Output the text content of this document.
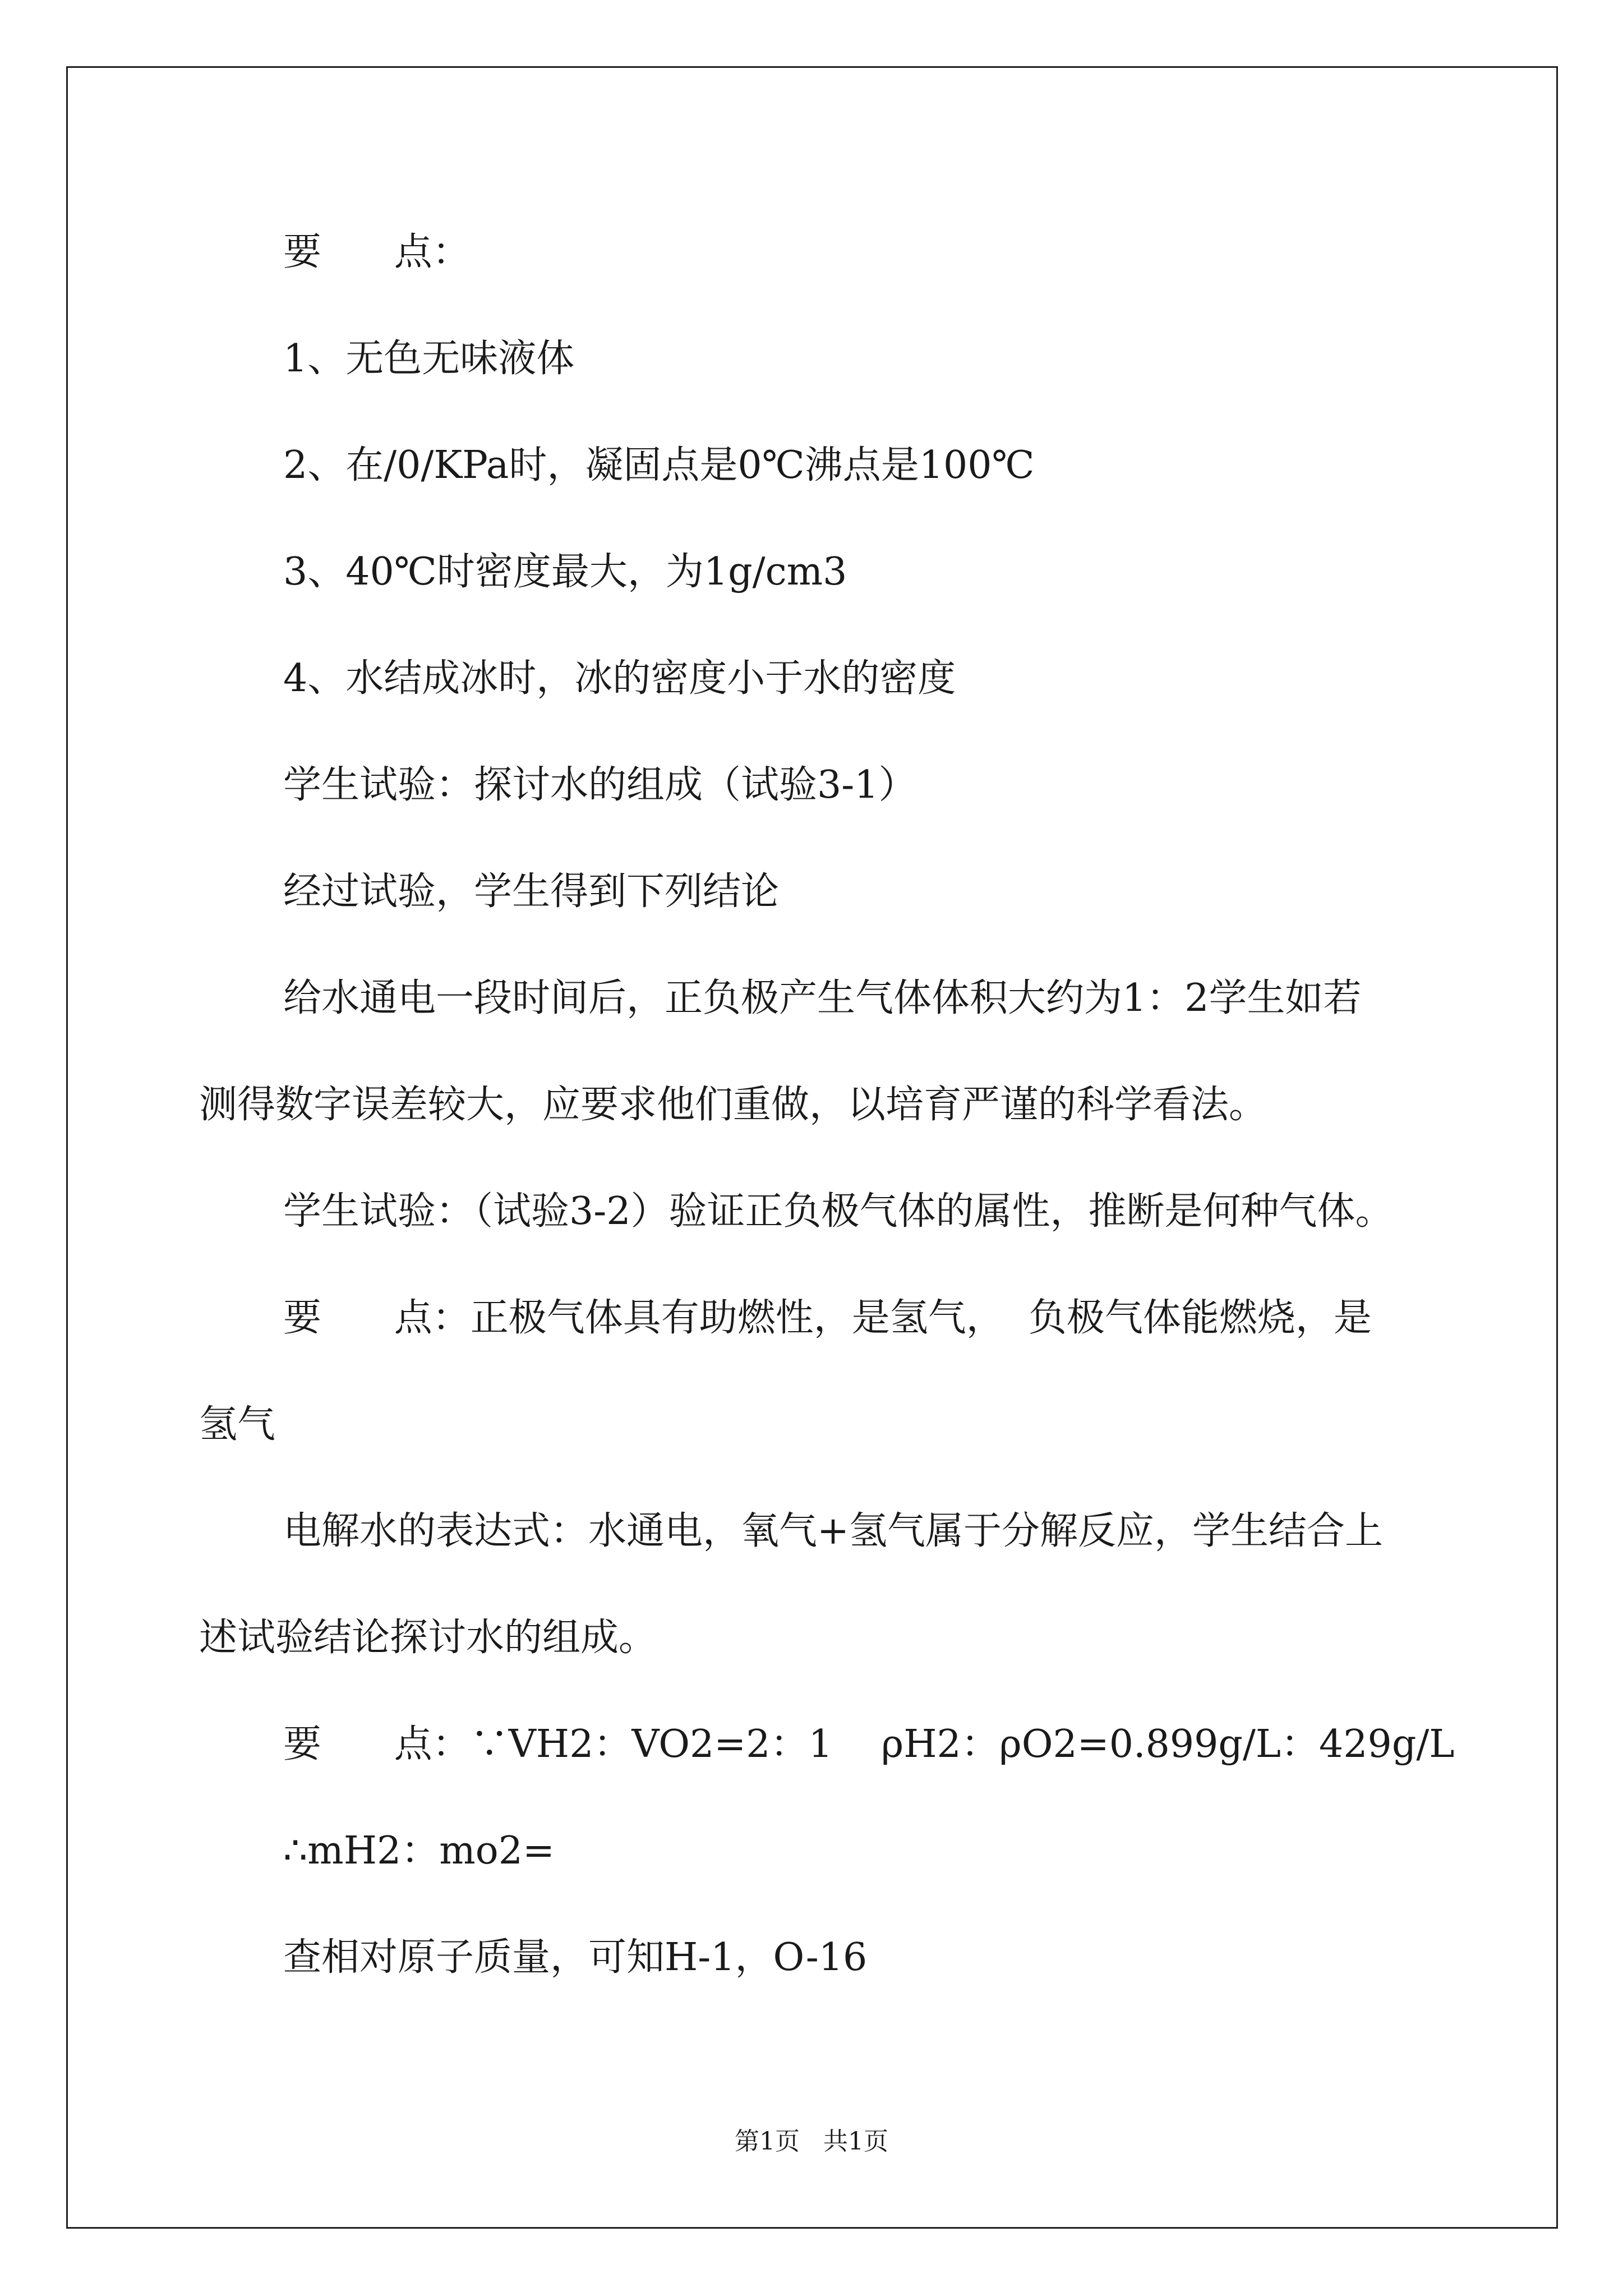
要      点：

1、无色无味液体

2、在/0/KPa时，凝固点是0℃沸点是100℃

3、40℃时密度最大，为1g/cm3

4、水结成冰时，冰的密度小于水的密度

学生试验：探讨水的组成（试验3-1）

经过试验，学生得到下列结论

给水通电一段时间后，正负极产生气体体积大约为1：2学生如若

测得数字误差较大，应要求他们重做，以培育严谨的科学看法。

学生试验：（试验3-2）验证正负极气体的属性，推断是何种气体。

要      点：正极气体具有助燃性，是氢气，  负极气体能燃烧，是

氢气

电解水的表达式：水通电，氧气+氢气属于分解反应，学生结合上

述试验结论探讨水的组成。

要      点：∵VH2：VO2=2：1    ρH2：ρO2=0.899g/L：429g/L

∴mH2：mo2=

查相对原子质量，可知H-1，O-16

第1页   共1页
